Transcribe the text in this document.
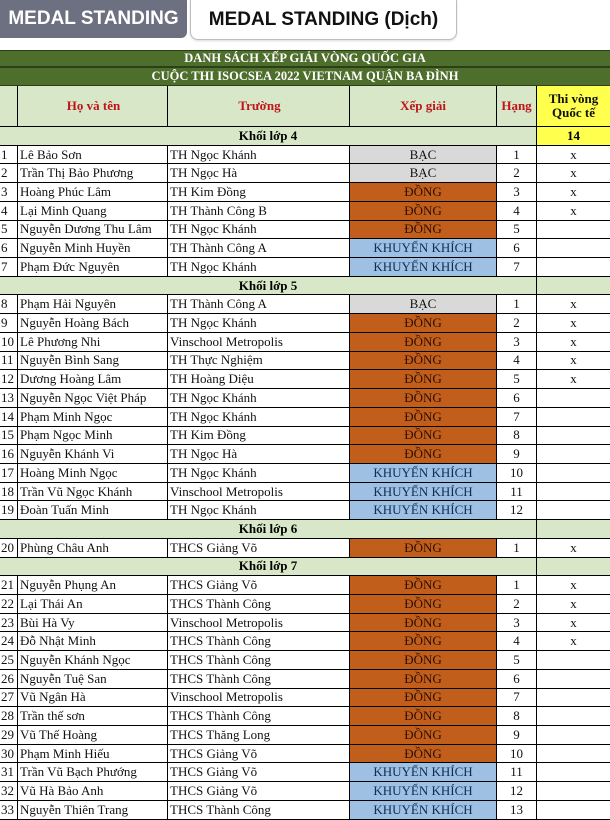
MEDAL STANDING	MEDAL STANDING (Dịch)
DANH SÁCH XẾP GIẢI VÒNG QUỐC GIA
CUỘC THI ISOCSEA 2022 VIETNAM QUẬN BA ĐÌNH
Họ và tên	Trường	Xếp giải	Hạng	Thi vòng Quốc tế
Khối lớp 4	14
1 Lê Bảo Sơn	TH Ngọc Khánh	BẠC	1	x
2 Trần Thị Bảo Phương	TH Ngọc Hà	BẠC	2	x
3 Hoàng Phúc Lâm	TH Kim Đồng	ĐỒNG	3	x
4 Lại Minh Quang	TH Thành Công B	ĐỒNG	4	x
5 Nguyễn Dương Thu Lâm	TH Ngọc Khánh	ĐỒNG	5
6 Nguyễn Minh Huyền	TH Thành Công A	KHUYẾN KHÍCH	6
7 Phạm Đức Nguyên	TH Ngọc Khánh	KHUYẾN KHÍCH	7
Khối lớp 5
8 Phạm Hải Nguyên	TH Thành Công A	BẠC	1	x
9 Nguyễn Hoàng Bách	TH Ngọc Khánh	ĐỒNG	2	x
10 Lê Phương Nhi	Vinschool Metropolis	ĐỒNG	3	x
11 Nguyễn Bình Sang	TH Thực Nghiệm	ĐỒNG	4	x
12 Dương Hoàng Lâm	TH Hoàng Diệu	ĐỒNG	5	x
13 Nguyễn Ngọc Việt Pháp	TH Ngọc Khánh	ĐỒNG	6
14 Phạm Minh Ngọc	TH Ngọc Khánh	ĐỒNG	7
15 Phạm Ngọc Minh	TH Kim Đồng	ĐỒNG	8
16 Nguyễn Khánh Vi	TH Ngọc Hà	ĐỒNG	9
17 Hoàng Minh Ngọc	TH Ngọc Khánh	KHUYẾN KHÍCH	10
18 Trần Vũ Ngọc Khánh	Vinschool Metropolis	KHUYẾN KHÍCH	11
19 Đoàn Tuấn Minh	TH Ngọc Khánh	KHUYẾN KHÍCH	12
Khối lớp 6
20 Phùng Châu Anh	THCS Giảng Võ	ĐỒNG	1	x
Khối lớp 7
21 Nguyễn Phụng An	THCS Giảng Võ	ĐỒNG	1	x
22 Lại Thái An	THCS Thành Công	ĐỒNG	2	x
23 Bùi Hà Vy	Vinschool Metropolis	ĐỒNG	3	x
24 Đỗ Nhật Minh	THCS Thành Công	ĐỒNG	4	x
25 Nguyễn Khánh Ngọc	THCS Thành Công	ĐỒNG	5
26 Nguyễn Tuệ San	THCS Thành Công	ĐỒNG	6
27 Vũ Ngân Hà	Vinschool Metropolis	ĐỒNG	7
28 Trần thế sơn	THCS Thành Công	ĐỒNG	8
29 Vũ Thế Hoàng	THCS Thăng Long	ĐỒNG	9
30 Phạm Minh Hiếu	THCS Giảng Võ	ĐỒNG	10
31 Trần Vũ Bạch Phướng	THCS Giảng Võ	KHUYẾN KHÍCH	11
32 Vũ Hà Bảo Anh	THCS Giảng Võ	KHUYẾN KHÍCH	12
33 Nguyễn Thiên Trang	THCS Thành Công	KHUYẾN KHÍCH	13
